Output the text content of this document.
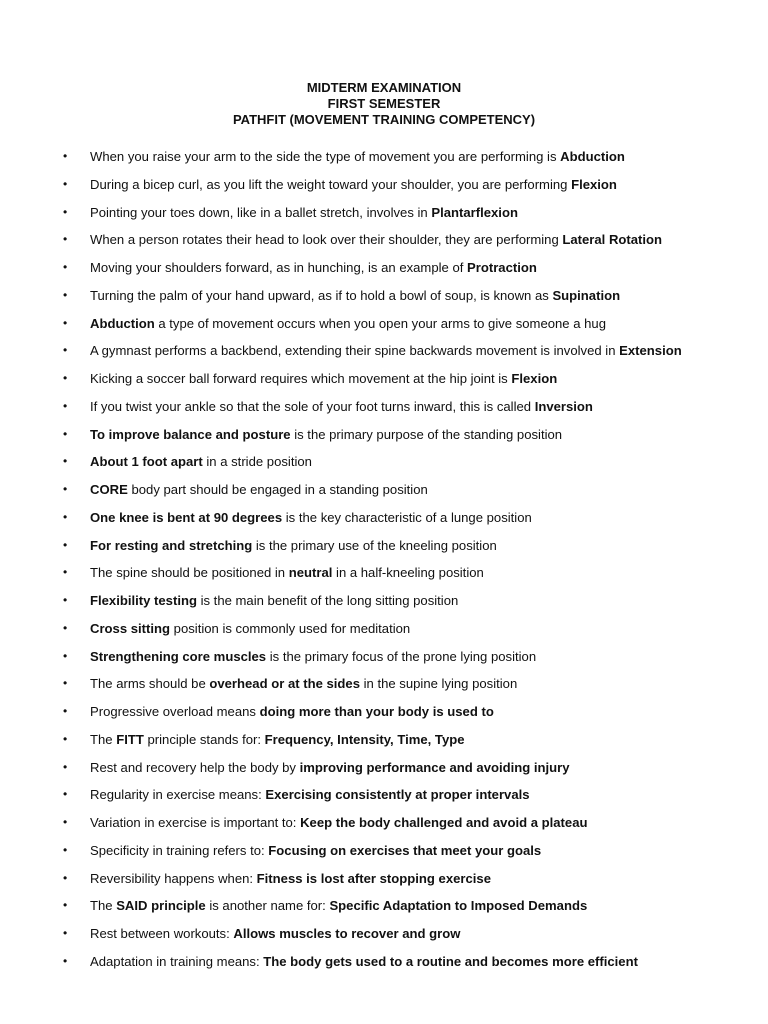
MIDTERM EXAMINATION
FIRST SEMESTER
PATHFIT (MOVEMENT TRAINING COMPETENCY)
• When you raise your arm to the side the type of movement you are performing is Abduction
• During a bicep curl, as you lift the weight toward your shoulder, you are performing Flexion
• Pointing your toes down, like in a ballet stretch, involves in Plantarflexion
• When a person rotates their head to look over their shoulder, they are performing Lateral Rotation
• Moving your shoulders forward, as in hunching, is an example of Protraction
• Turning the palm of your hand upward, as if to hold a bowl of soup, is known as Supination
• Abduction a type of movement occurs when you open your arms to give someone a hug
• A gymnast performs a backbend, extending their spine backwards movement is involved in Extension
• Kicking a soccer ball forward requires which movement at the hip joint is Flexion
• If you twist your ankle so that the sole of your foot turns inward, this is called Inversion
• To improve balance and posture is the primary purpose of the standing position
• About 1 foot apart in a stride position
• CORE body part should be engaged in a standing position
• One knee is bent at 90 degrees is the key characteristic of a lunge position
• For resting and stretching is the primary use of the kneeling position
• The spine should be positioned in neutral in a half-kneeling position
• Flexibility testing is the main benefit of the long sitting position
• Cross sitting position is commonly used for meditation
• Strengthening core muscles is the primary focus of the prone lying position
• The arms should be overhead or at the sides in the supine lying position
• Progressive overload means doing more than your body is used to
• The FITT principle stands for: Frequency, Intensity, Time, Type
• Rest and recovery help the body by improving performance and avoiding injury
• Regularity in exercise means: Exercising consistently at proper intervals
• Variation in exercise is important to: Keep the body challenged and avoid a plateau
• Specificity in training refers to: Focusing on exercises that meet your goals
• Reversibility happens when: Fitness is lost after stopping exercise
• The SAID principle is another name for: Specific Adaptation to Imposed Demands
• Rest between workouts: Allows muscles to recover and grow
• Adaptation in training means: The body gets used to a routine and becomes more efficient
